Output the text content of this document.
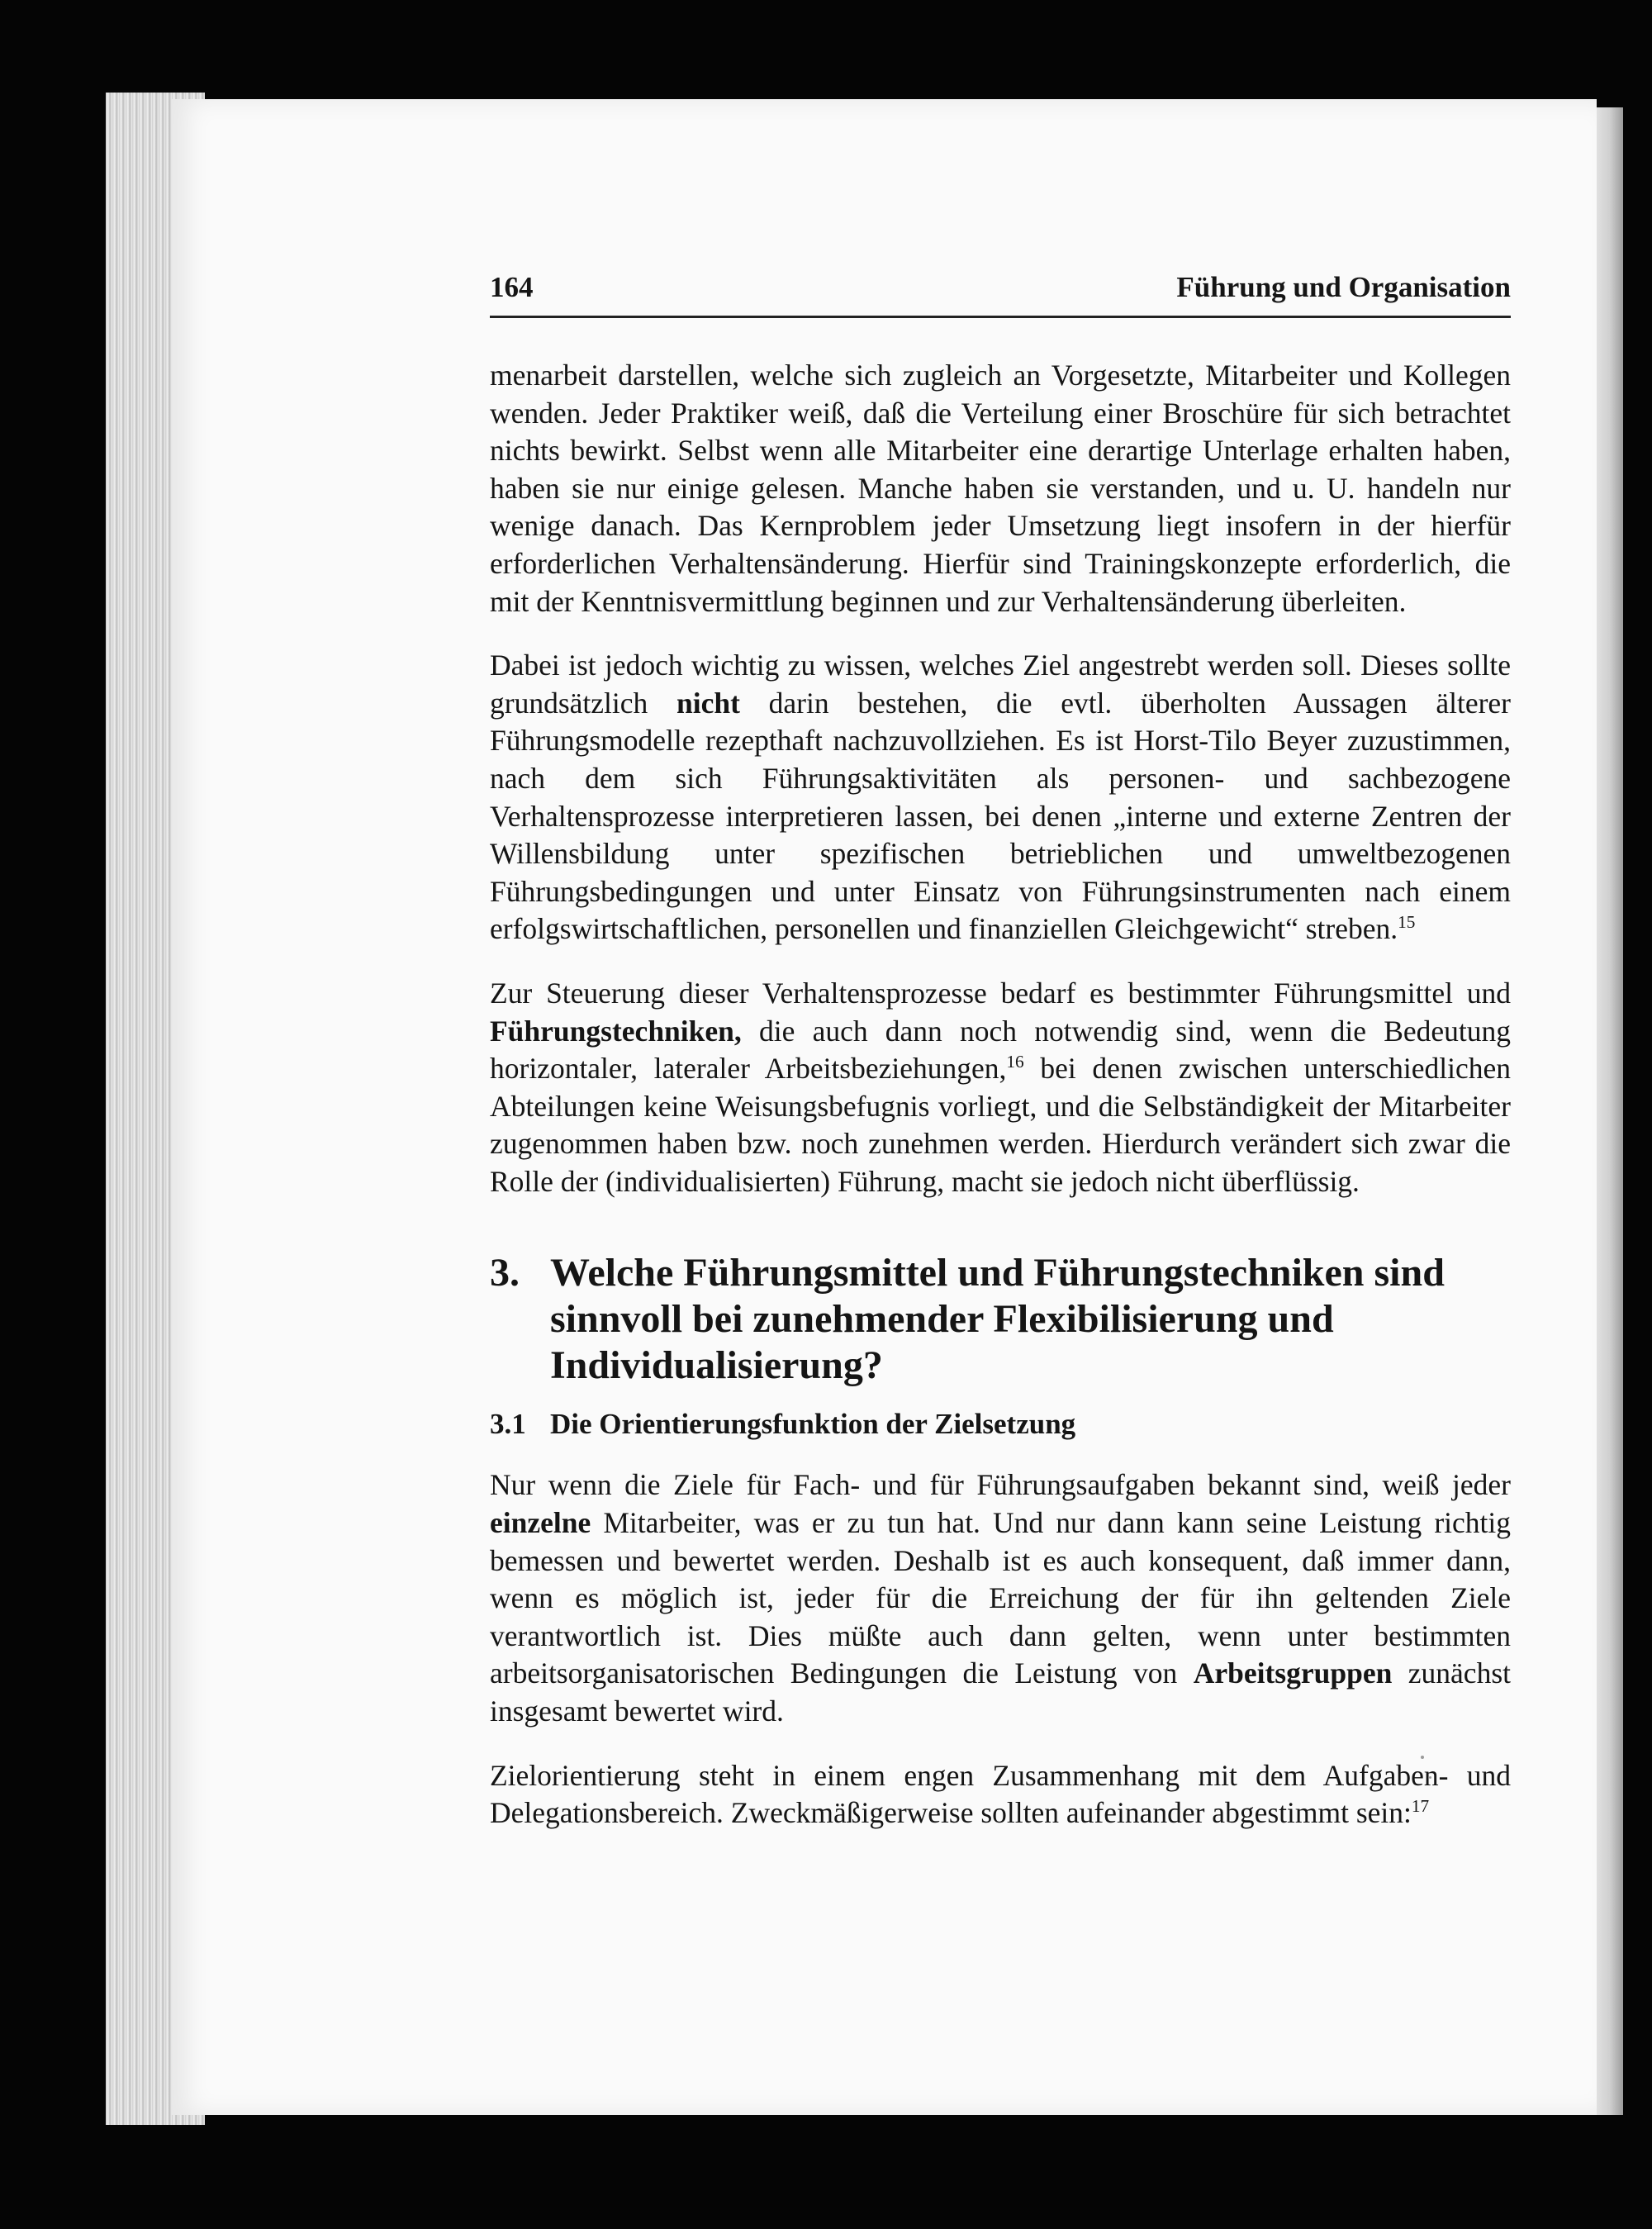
164	Führung und Organisation

menarbeit darstellen, welche sich zugleich an Vorgesetzte, Mitarbeiter und Kollegen wenden. Jeder Praktiker weiß, daß die Verteilung einer Broschüre für sich betrachtet nichts bewirkt. Selbst wenn alle Mitarbeiter eine derartige Unterlage erhalten haben, haben sie nur einige gelesen. Manche haben sie verstanden, und u. U. handeln nur wenige danach. Das Kernproblem jeder Umsetzung liegt insofern in der hierfür erforderlichen Verhaltensänderung. Hierfür sind Trainingskonzepte erforderlich, die mit der Kenntnisvermittlung beginnen und zur Verhaltensänderung überleiten.

Dabei ist jedoch wichtig zu wissen, welches Ziel angestrebt werden soll. Dieses sollte grundsätzlich nicht darin bestehen, die evtl. überholten Aussagen älterer Führungsmodelle rezepthaft nachzuvollziehen. Es ist Horst-Tilo Beyer zuzustimmen, nach dem sich Führungsaktivitäten als personen- und sachbezogene Verhaltensprozesse interpretieren lassen, bei denen „interne und externe Zentren der Willensbildung unter spezifischen betrieblichen und umweltbezogenen Führungsbedingungen und unter Einsatz von Führungsinstrumenten nach einem erfolgswirtschaftlichen, personellen und finanziellen Gleichgewicht“ streben.$^{15}$

Zur Steuerung dieser Verhaltensprozesse bedarf es bestimmter Führungsmittel und Führungstechniken, die auch dann noch notwendig sind, wenn die Bedeutung horizontaler, lateraler Arbeitsbeziehungen,$^{16}$ bei denen zwischen unterschiedlichen Abteilungen keine Weisungsbefugnis vorliegt, und die Selbständigkeit der Mitarbeiter zugenommen haben bzw. noch zunehmen werden. Hierdurch verändert sich zwar die Rolle der (individualisierten) Führung, macht sie jedoch nicht überflüssig.

3. Welche Führungsmittel und Führungstechniken sind sinnvoll bei zunehmender Flexibilisierung und Individualisierung?
3.1 Die Orientierungsfunktion der Zielsetzung

Nur wenn die Ziele für Fach- und für Führungsaufgaben bekannt sind, weiß jeder einzelne Mitarbeiter, was er zu tun hat. Und nur dann kann seine Leistung richtig bemessen und bewertet werden. Deshalb ist es auch konsequent, daß immer dann, wenn es möglich ist, jeder für die Erreichung der für ihn geltenden Ziele verantwortlich ist. Dies müßte auch dann gelten, wenn unter bestimmten arbeitsorganisatorischen Bedingungen die Leistung von Arbeitsgruppen zunächst insgesamt bewertet wird.

Zielorientierung steht in einem engen Zusammenhang mit dem Aufgaben- und Delegationsbereich. Zweckmäßigerweise sollten aufeinander abgestimmt sein:$^{17}$
